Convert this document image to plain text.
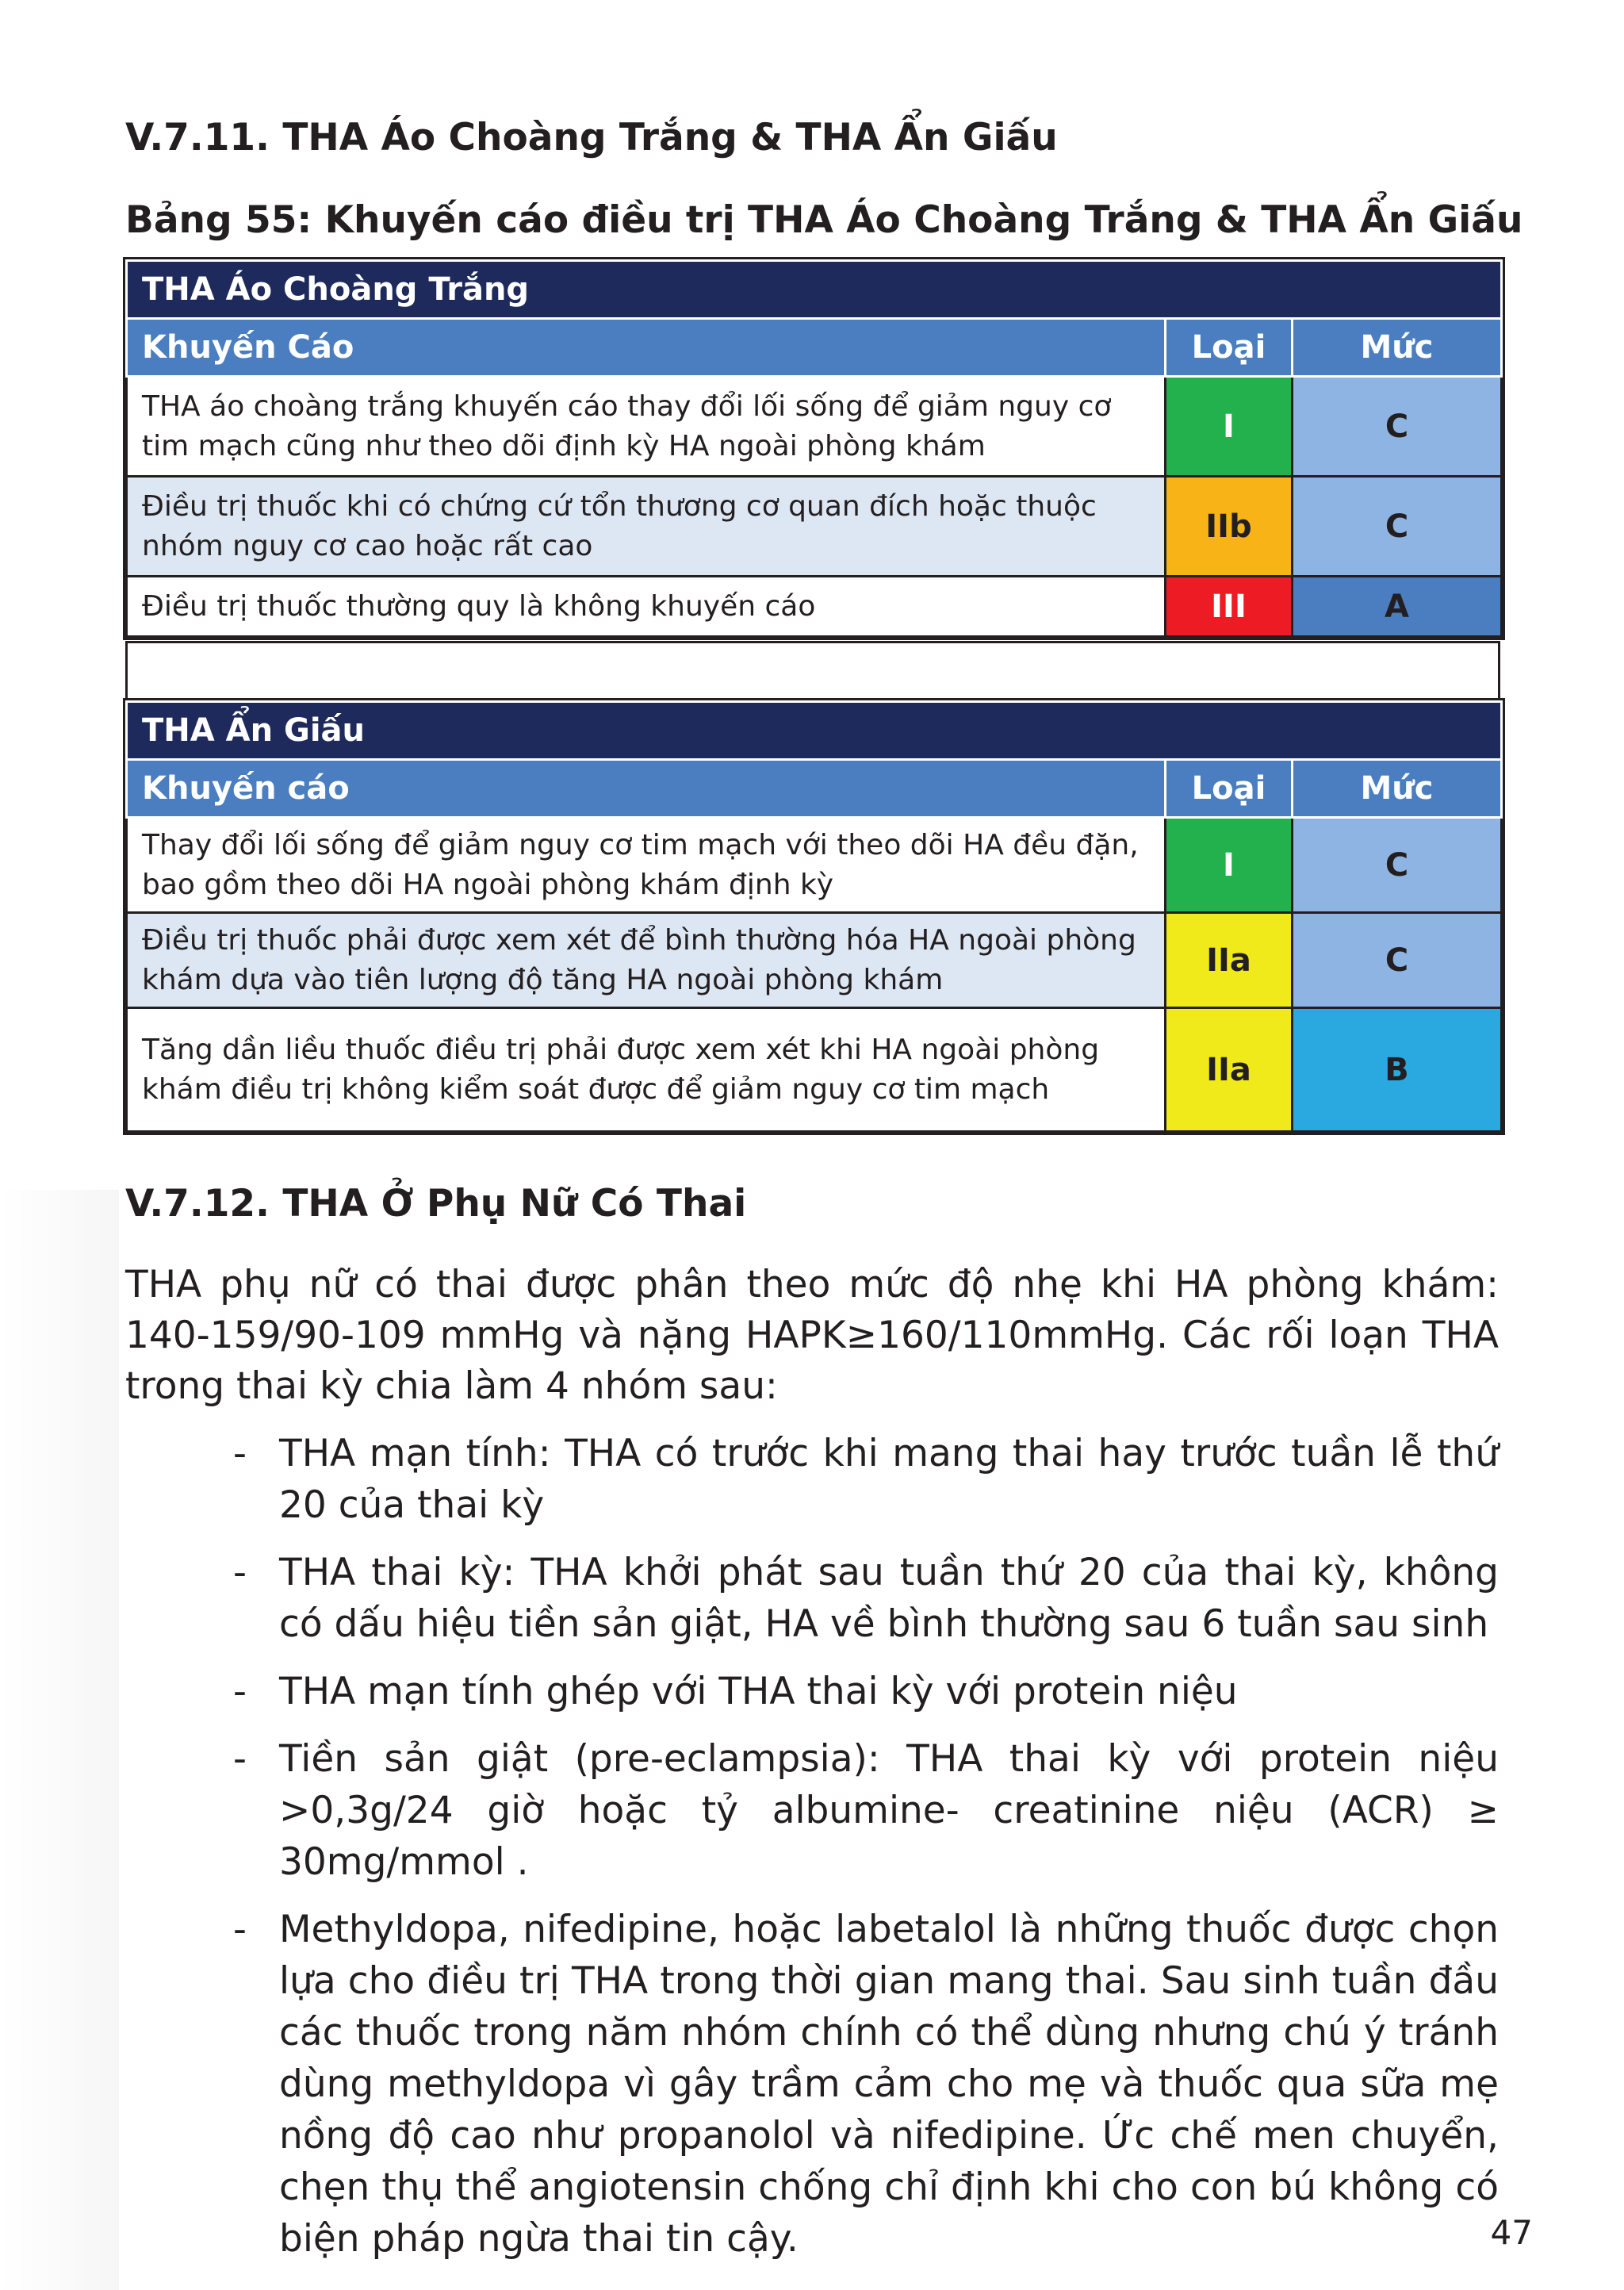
V.7.11. THA Áo Choàng Trắng & THA Ẩn Giấu
Bảng 55: Khuyến cáo điều trị THA Áo Choàng Trắng & THA Ẩn Giấu
THA Áo Choàng Trắng		
Khuyến Cáo	Loại	Mức
THA áo choàng trắng khuyến cáo thay đổi lối sống để giảm nguy cơ tim mạch cũng như theo dõi định kỳ HA ngoài phòng khám	I	C
Điều trị thuốc khi có chứng cứ tổn thương cơ quan đích hoặc thuộc nhóm nguy cơ cao hoặc rất cao	IIb	C
Điều trị thuốc thường quy là không khuyến cáo	III	A
THA Ẩn Giấu		
Khuyến cáo	Loại	Mức
Thay đổi lối sống để giảm nguy cơ tim mạch với theo dõi HA đều đặn, bao gồm theo dõi HA ngoài phòng khám định kỳ	I	C
Điều trị thuốc phải được xem xét để bình thường hóa HA ngoài phòng khám dựa vào tiên lượng độ tăng HA ngoài phòng khám	IIa	C
Tăng dần liều thuốc điều trị phải được xem xét khi HA ngoài phòng khám điều trị không kiểm soát được để giảm nguy cơ tim mạch	IIa	B
V.7.12. THA Ở Phụ Nữ Có Thai

THA phụ nữ có thai được phân theo mức độ nhẹ khi HA phòng khám: 140-159/90-109 mmHg và nặng HAPK≥160/110mmHg. Các rối loạn THA trong thai kỳ chia làm 4 nhóm sau:

- THA mạn tính: THA có trước khi mang thai hay trước tuần lễ thứ 20 của thai kỳ
- THA thai kỳ: THA khởi phát sau tuần thứ 20 của thai kỳ, không có dấu hiệu tiền sản giật, HA về bình thường sau 6 tuần sau sinh
- THA mạn tính ghép với THA thai kỳ với protein niệu
- Tiền sản giật (pre-eclampsia): THA thai kỳ với protein niệu >0,3g/24 giờ hoặc tỷ albumine- creatinine niệu (ACR) ≥ 30mg/mmol .
- Methyldopa, nifedipine, hoặc labetalol là những thuốc được chọn lựa cho điều trị THA trong thời gian mang thai. Sau sinh tuần đầu các thuốc trong năm nhóm chính có thể dùng nhưng chú ý tránh dùng methyldopa vì gây trầm cảm cho mẹ và thuốc qua sữa mẹ nồng độ cao như propanolol và nifedipine. Ức chế men chuyển, chẹn thụ thể angiotensin chống chỉ định khi cho con bú không có biện pháp ngừa thai tin cậy.	47
